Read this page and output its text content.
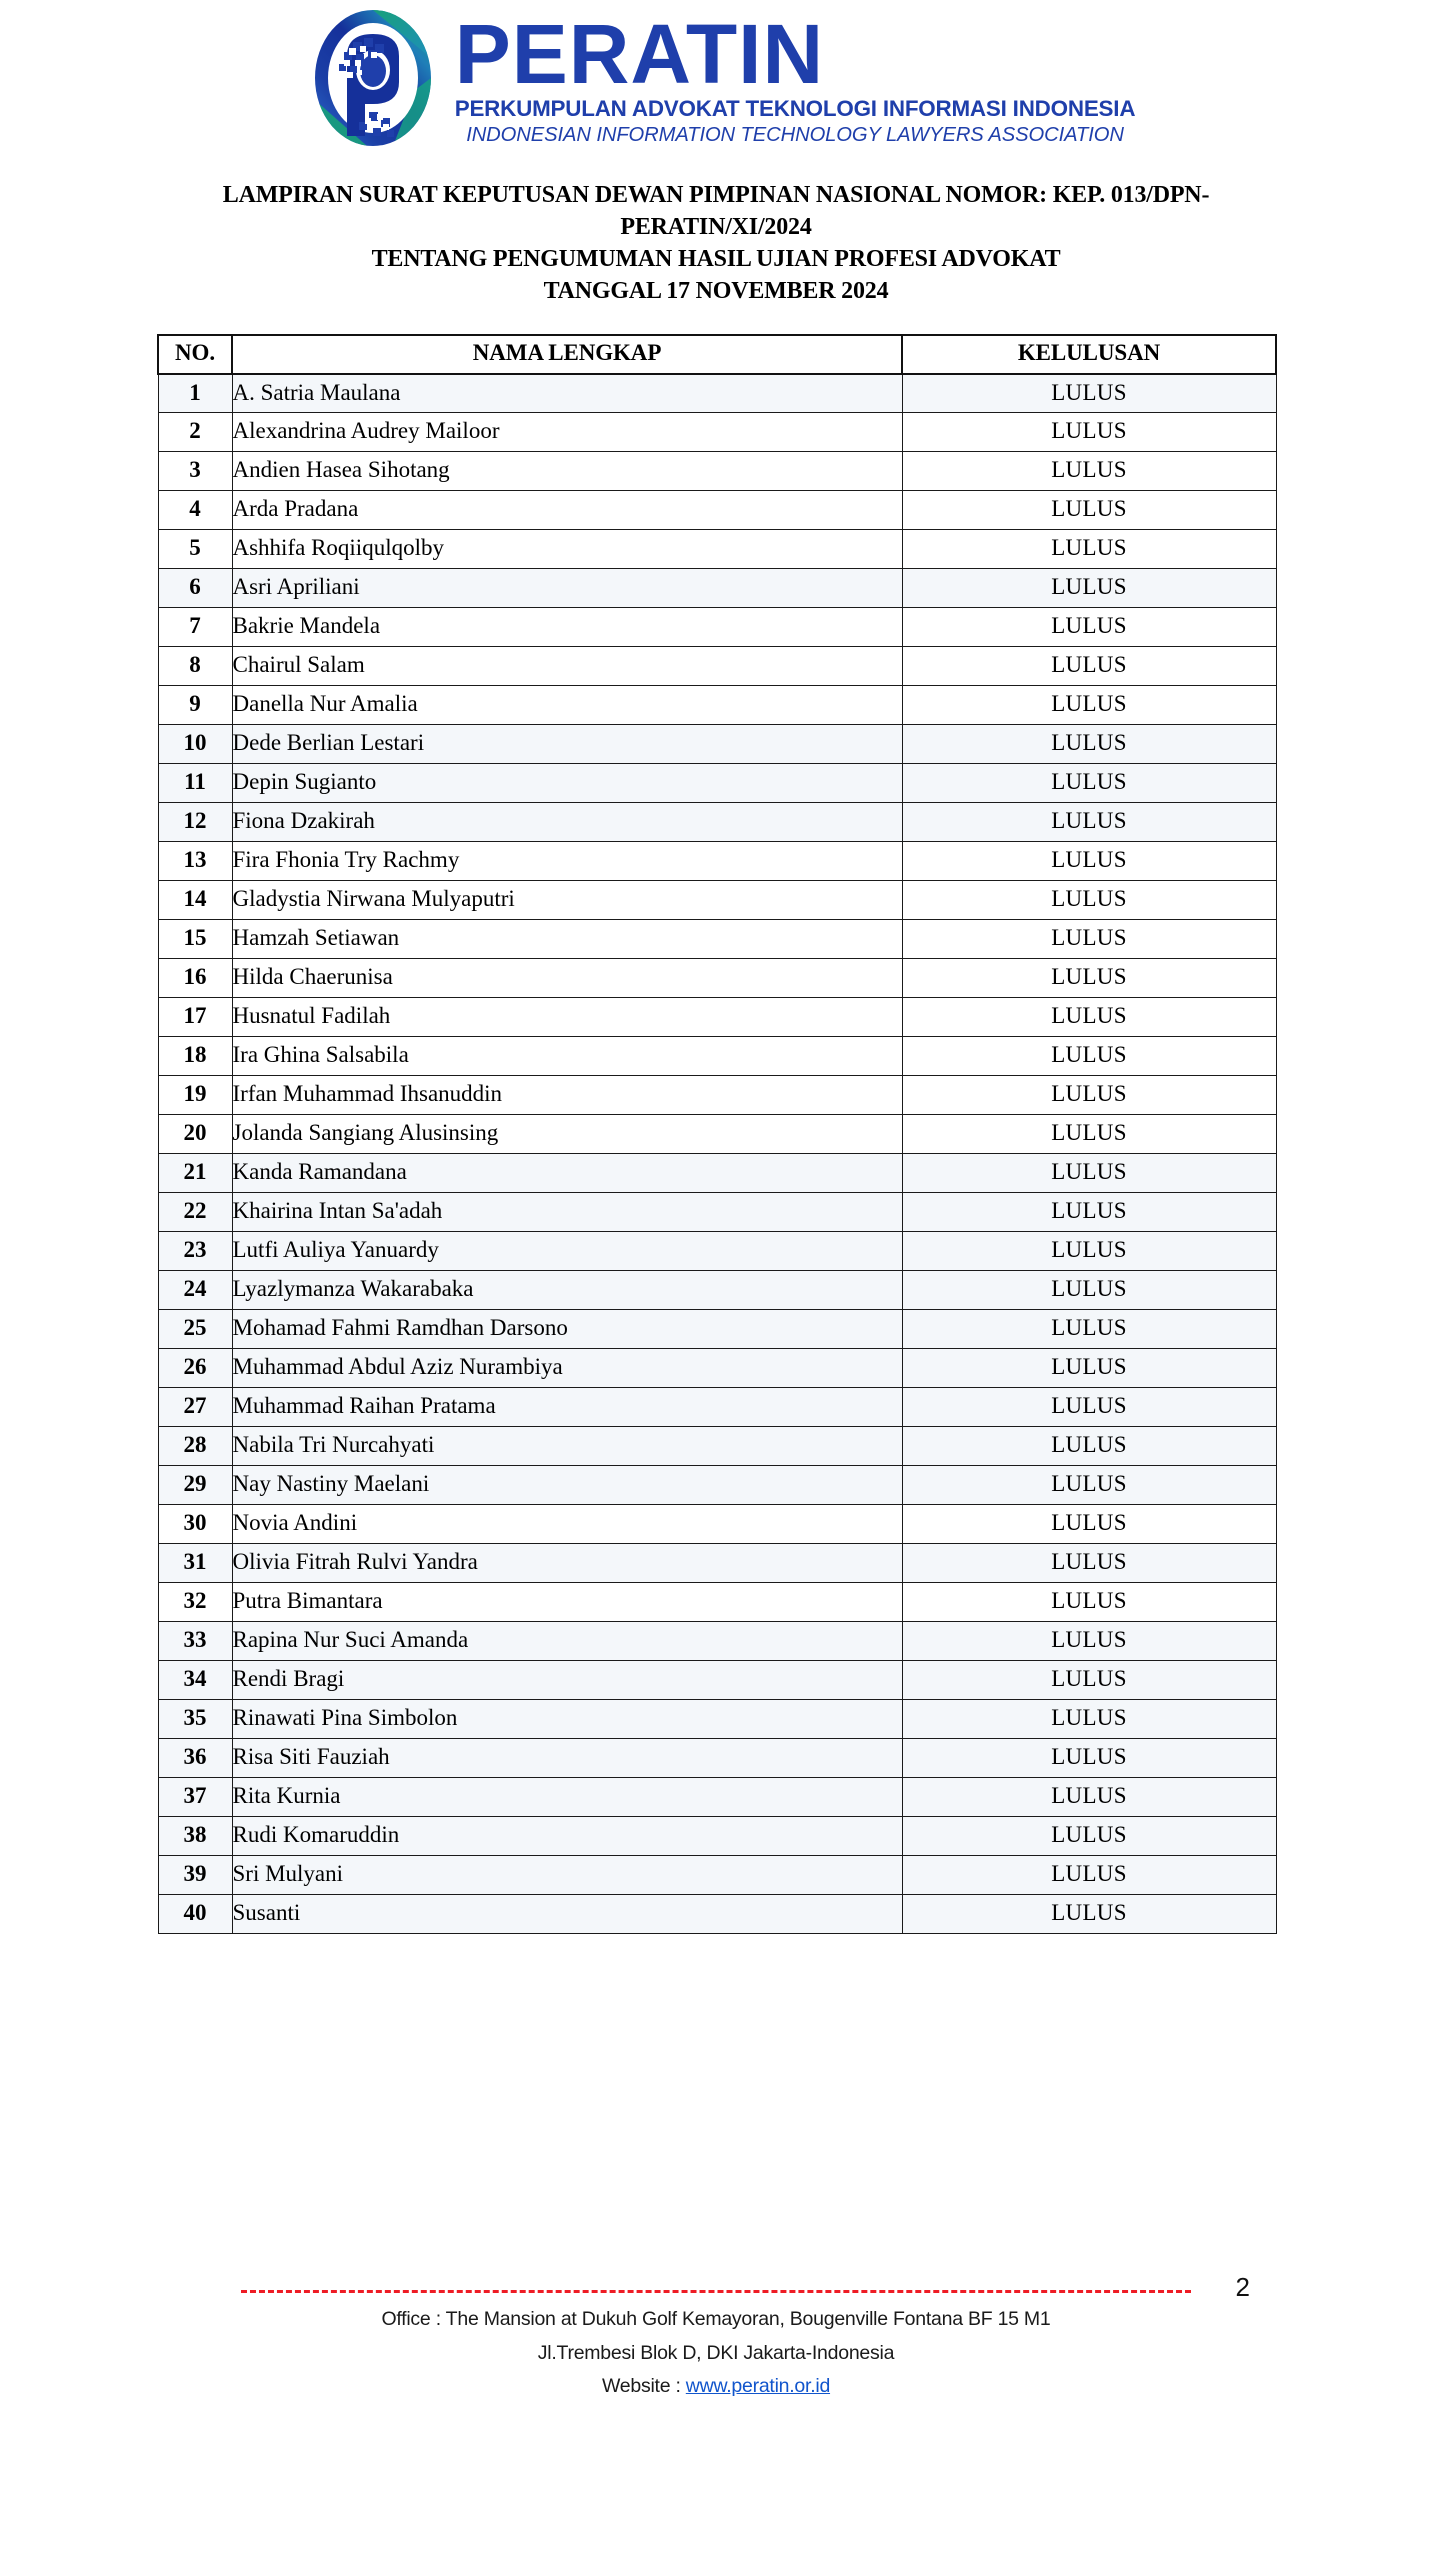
PERATIN
PERKUMPULAN ADVOKAT TEKNOLOGI INFORMASI INDONESIA
INDONESIAN INFORMATION TECHNOLOGY LAWYERS ASSOCIATION
LAMPIRAN SURAT KEPUTUSAN DEWAN PIMPINAN NASIONAL NOMOR: KEP. 013/DPN-
PERATIN/XI/2024
TENTANG PENGUMUMAN HASIL UJIAN PROFESI ADVOKAT
TANGGAL 17 NOVEMBER 2024
NO.	NAMA LENGKAP	KELULUSAN
1	A. Satria Maulana	LULUS
2	Alexandrina Audrey Mailoor	LULUS
3	Andien Hasea Sihotang	LULUS
4	Arda Pradana	LULUS
5	Ashhifa Roqiiqulqolby	LULUS
6	Asri Apriliani	LULUS
7	Bakrie Mandela	LULUS
8	Chairul Salam	LULUS
9	Danella Nur Amalia	LULUS
10	Dede Berlian Lestari	LULUS
11	Depin Sugianto	LULUS
12	Fiona Dzakirah	LULUS
13	Fira Fhonia Try Rachmy	LULUS
14	Gladystia Nirwana Mulyaputri	LULUS
15	Hamzah Setiawan	LULUS
16	Hilda Chaerunisa	LULUS
17	Husnatul Fadilah	LULUS
18	Ira Ghina Salsabila	LULUS
19	Irfan Muhammad Ihsanuddin	LULUS
20	Jolanda Sangiang Alusinsing	LULUS
21	Kanda Ramandana	LULUS
22	Khairina Intan Sa'adah	LULUS
23	Lutfi Auliya Yanuardy	LULUS
24	Lyazlymanza Wakarabaka	LULUS
25	Mohamad Fahmi Ramdhan Darsono	LULUS
26	Muhammad Abdul Aziz Nurambiya	LULUS
27	Muhammad Raihan Pratama	LULUS
28	Nabila Tri Nurcahyati	LULUS
29	Nay Nastiny Maelani	LULUS
30	Novia Andini	LULUS
31	Olivia Fitrah Rulvi Yandra	LULUS
32	Putra Bimantara	LULUS
33	Rapina Nur Suci Amanda	LULUS
34	Rendi Bragi	LULUS
35	Rinawati Pina Simbolon	LULUS
36	Risa Siti Fauziah	LULUS
37	Rita Kurnia	LULUS
38	Rudi Komaruddin	LULUS
39	Sri Mulyani	LULUS
40	Susanti	LULUS
2
Office : The Mansion at Dukuh Golf Kemayoran, Bougenville Fontana BF 15 M1
Jl.Trembesi Blok D, DKI Jakarta-Indonesia
Website : www.peratin.or.id
